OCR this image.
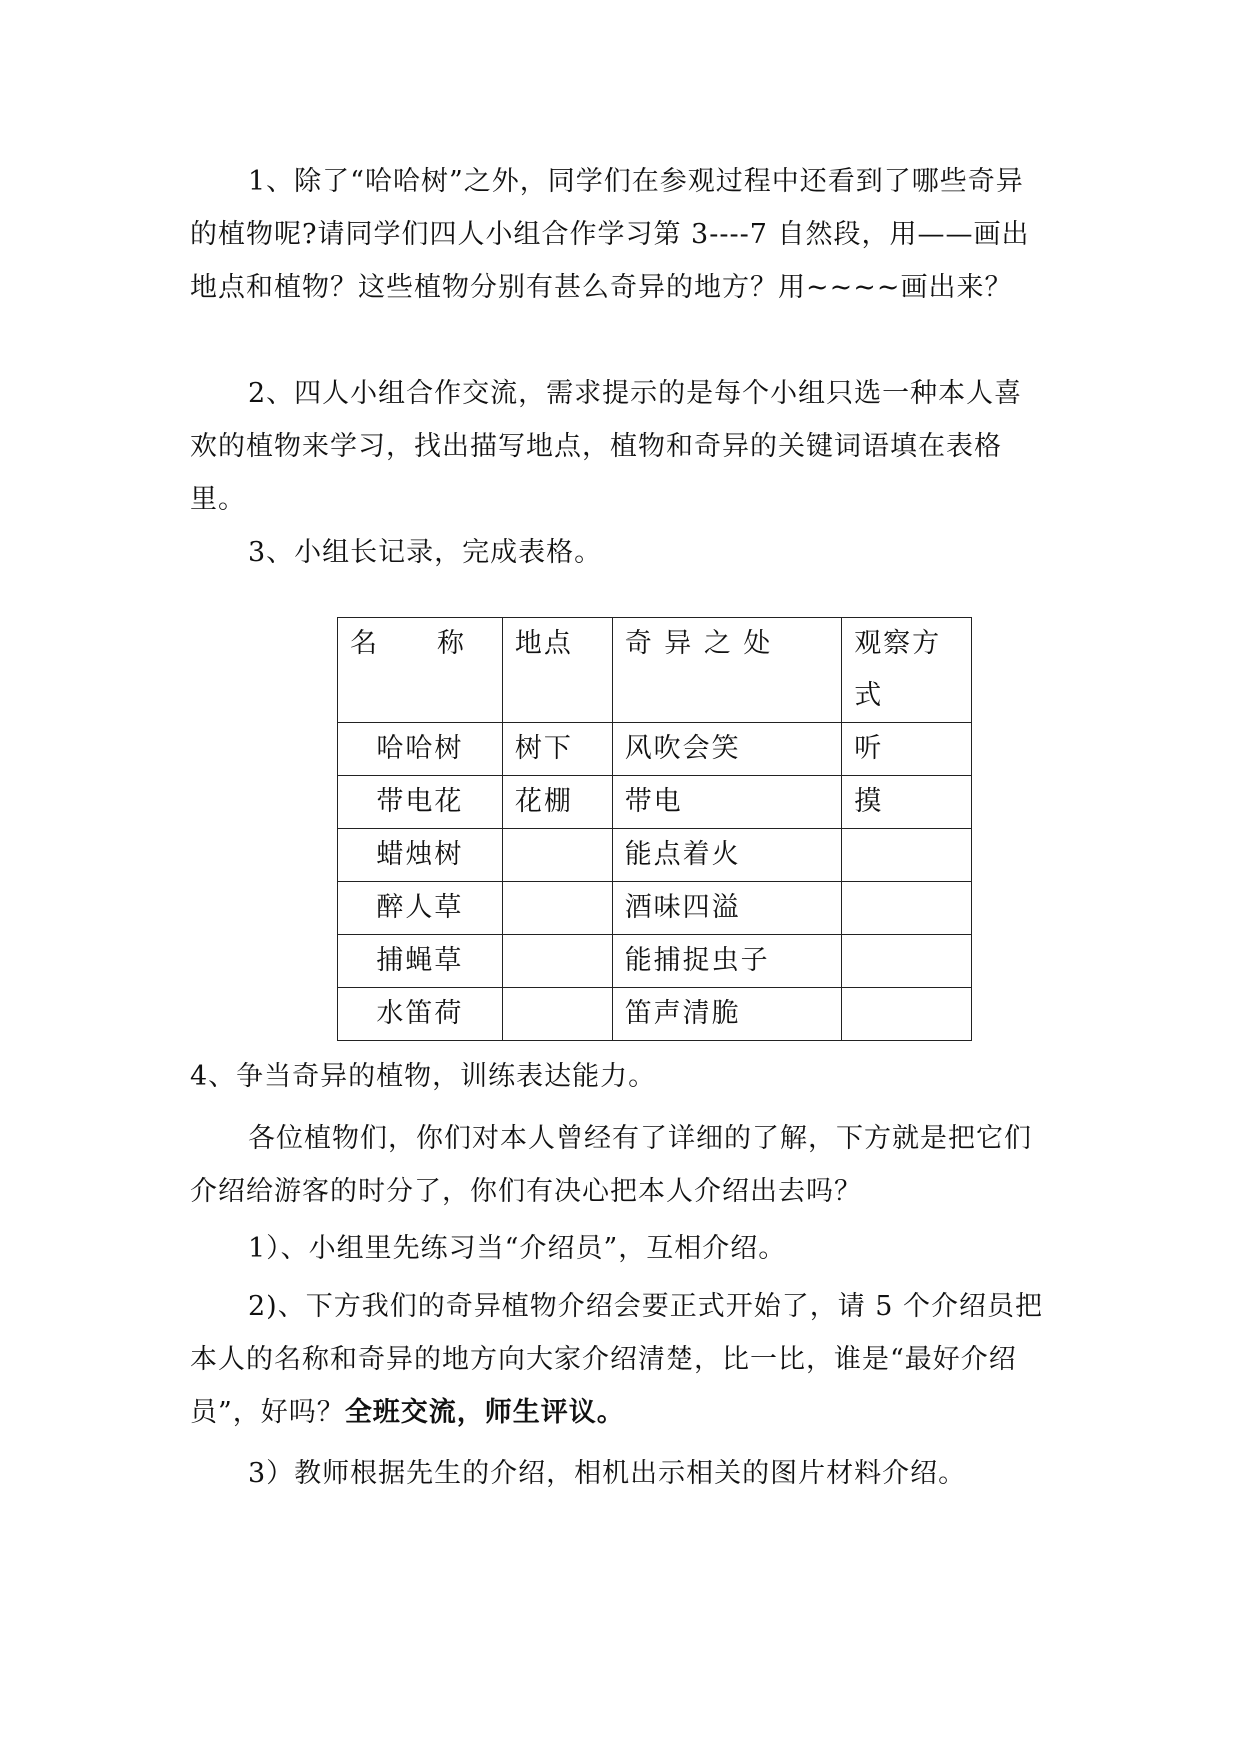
1、除了“哈哈树”之外，同学们在参观过程中还看到了哪些奇异的植物呢?请同学们四人小组合作学习第 3----7 自然段，用——画出地点和植物？这些植物分别有甚么奇异的地方？用~~~~画出来？
2、四人小组合作交流，需求提示的是每个小组只选一种本人喜欢的植物来学习，找出描写地点，植物和奇异的关键词语填在表格里。
3、小组长记录，完成表格。
名　　称	地点	奇 异 之 处	观察方式
哈哈树	树下	风吹会笑	听
带电花	花棚	带电	摸
蜡烛树		能点着火	
醉人草		酒味四溢	
捕蝇草		能捕捉虫子	
水笛荷		笛声清脆	
4、争当奇异的植物，训练表达能力。
各位植物们，你们对本人曾经有了详细的了解，下方就是把它们介绍给游客的时分了，你们有决心把本人介绍出去吗？
1）、小组里先练习当“介绍员”，互相介绍。
2)、下方我们的奇异植物介绍会要正式开始了，请 5 个介绍员把本人的名称和奇异的地方向大家介绍清楚，比一比，谁是“最好介绍员”，好吗？全班交流，师生评议。
3）教师根据先生的介绍，相机出示相关的图片材料介绍。
